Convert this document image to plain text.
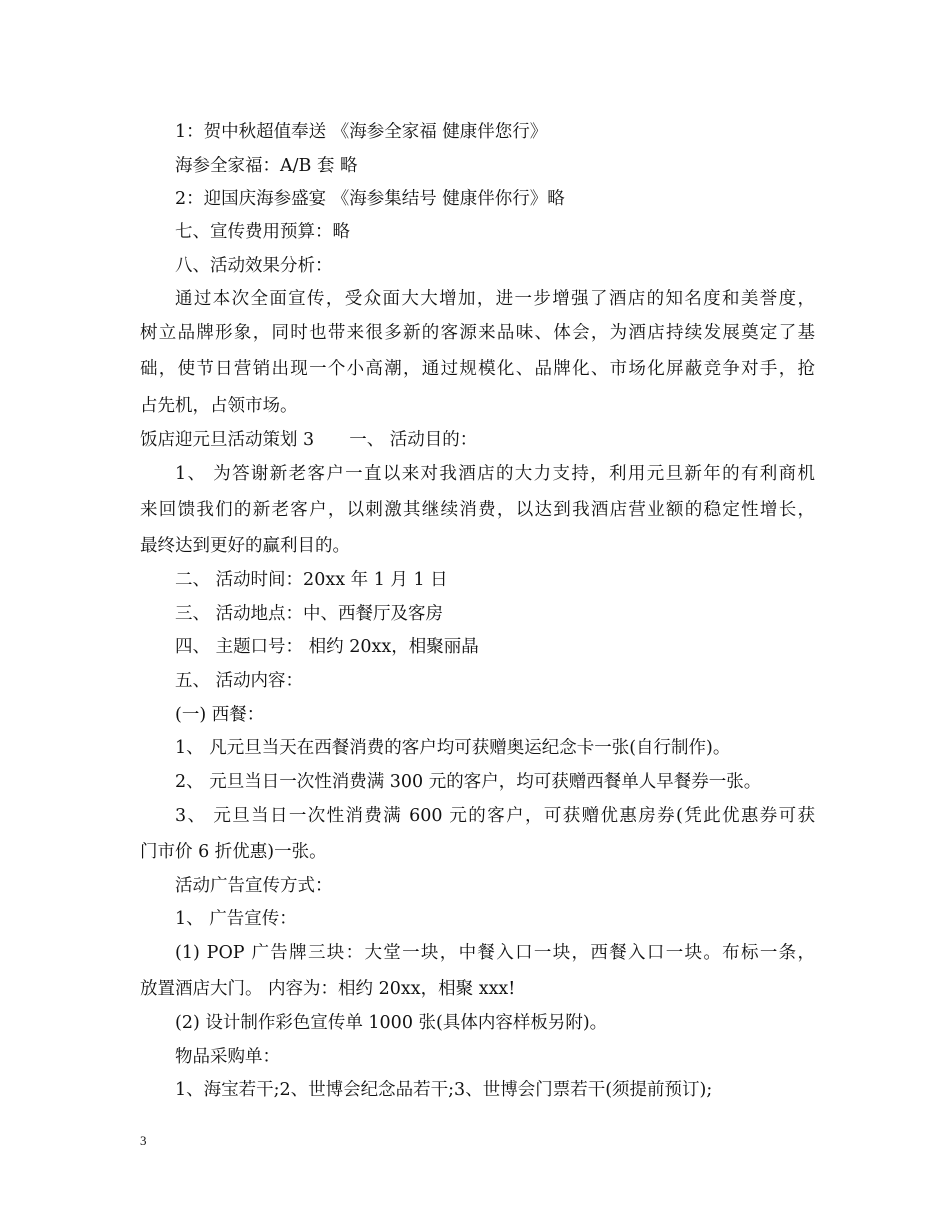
1：贺中秋超值奉送 《海参全家福 健康伴您行》
海参全家福：A/B 套 略
2：迎国庆海参盛宴 《海参集结号 健康伴你行》略
七、宣传费用预算：略
八、活动效果分析：
通过本次全面宣传，受众面大大增加，进一步增强了酒店的知名度和美誉度，
树立品牌形象，同时也带来很多新的客源来品味、体会，为酒店持续发展奠定了基
础，使节日营销出现一个小高潮，通过规模化、品牌化、市场化屏蔽竞争对手，抢
占先机，占领市场。
饭店迎元旦活动策划 3　　一、 活动目的：
1、 为答谢新老客户一直以来对我酒店的大力支持，利用元旦新年的有利商机
来回馈我们的新老客户，以刺激其继续消费，以达到我酒店营业额的稳定性增长，
最终达到更好的赢利目的。
二、 活动时间：20xx 年 1 月 1 日
三、 活动地点：中、西餐厅及客房
四、 主题口号： 相约 20xx，相聚丽晶
五、 活动内容：
(一) 西餐：
1、 凡元旦当天在西餐消费的客户均可获赠奥运纪念卡一张(自行制作)。
2、 元旦当日一次性消费满 300 元的客户，均可获赠西餐单人早餐券一张。
3、 元旦当日一次性消费满 600 元的客户，可获赠优惠房券(凭此优惠券可获
门市价 6 折优惠)一张。
活动广告宣传方式：
1、 广告宣传：
(1) POP 广告牌三块：大堂一块，中餐入口一块，西餐入口一块。布标一条，
放置酒店大门。 内容为：相约 20xx，相聚 xxx!
(2) 设计制作彩色宣传单 1000 张(具体内容样板另附)。
物品采购单：
1、海宝若干;2、世博会纪念品若干;3、世博会门票若干(须提前预订);
3
